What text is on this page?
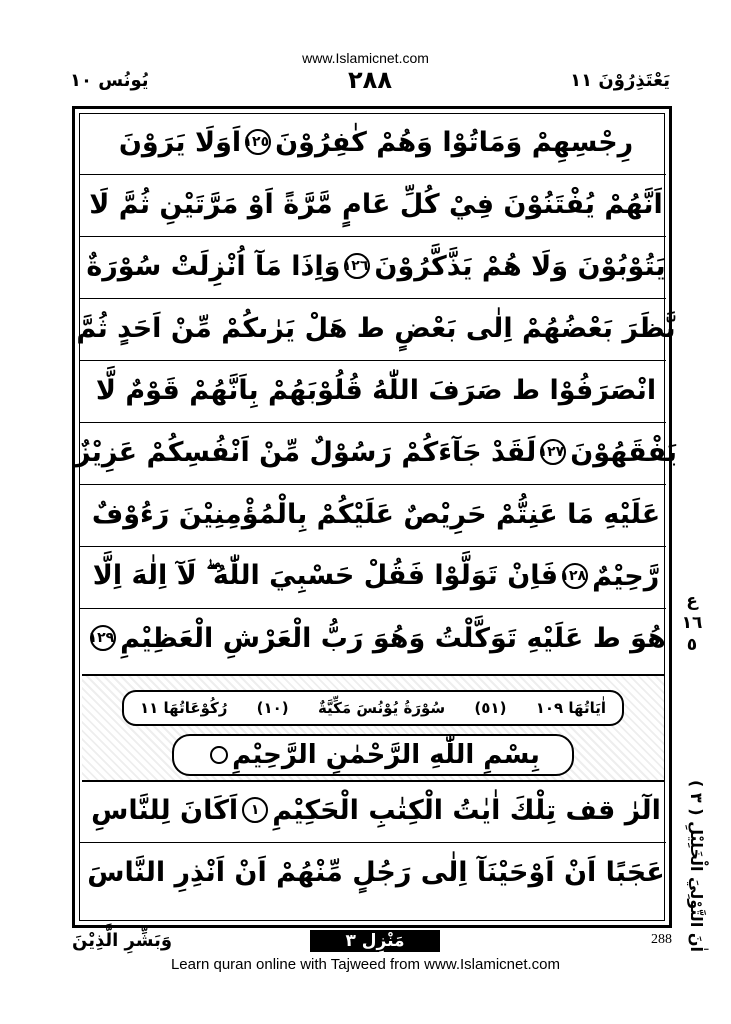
www.Islamicnet.com
يُونُس ١٠	٢٨٨	يَعْتَذِرُوْنَ ١١
رِجْسِهِمْ وَمَاتُوْا وَهُمْ كٰفِرُوْنَ
١٢٥
اَوَلَا يَرَوْنَ
اَنَّهُمْ يُفْتَنُوْنَ فِيْ كُلِّ عَامٍ مَّرَّةً اَوْ مَرَّتَيْنِ ثُمَّ لَا
يَتُوْبُوْنَ وَلَا هُمْ يَذَّكَّرُوْنَ
١٢٦
وَاِذَا مَآ اُنْزِلَتْ سُوْرَةٌ
نَّظَرَ بَعْضُهُمْ اِلٰى بَعْضٍ ط هَلْ يَرٰىكُمْ مِّنْ اَحَدٍ ثُمَّ
انْصَرَفُوْا ط صَرَفَ اللّٰهُ قُلُوْبَهُمْ بِاَنَّهُمْ قَوْمٌ لَّا
يَفْقَهُوْنَ
١٢٧
لَقَدْ جَآءَكُمْ رَسُوْلٌ مِّنْ اَنْفُسِكُمْ عَزِيْزٌ
عَلَيْهِ مَا عَنِتُّمْ حَرِيْصٌ عَلَيْكُمْ بِالْمُؤْمِنِيْنَ رَءُوْفٌ
رَّحِيْمٌ
١٢٨
فَاِنْ تَوَلَّوْا فَقُلْ حَسْبِيَ اللّٰهُ ۖ لَآ اِلٰهَ اِلَّا
هُوَ ط عَلَيْهِ تَوَكَّلْتُ وَهُوَ رَبُّ الْعَرْشِ الْعَظِيْمِ
١٢٩
اٰيَاتُهَا ١٠٩
(٥١)
سُوْرَةُ يُوْنُسَ مَكِّيَّةٌ
(١٠)
رُكُوْعَاتُهَا ١١
بِسْمِ اللّٰهِ الرَّحْمٰنِ الرَّحِيْمِ
الٓرٰ قف تِلْكَ اٰيٰتُ الْكِتٰبِ الْحَكِيْمِ
١
اَكَانَ لِلنَّاسِ
عَجَبًا اَنْ اَوْحَيْنَآ اِلٰى رَجُلٍ مِّنْهُمْ اَنْ اَنْذِرِ النَّاسَ
ع ١٦ ٥
اٰنَ التَّوْلِيَ الْخَلِيْلِ ( ٣ )
وَبَشِّرِ الَّذِيْنَ	مَنْزِل ٣	288
Learn quran online with Tajweed from www.Islamicnet.com
